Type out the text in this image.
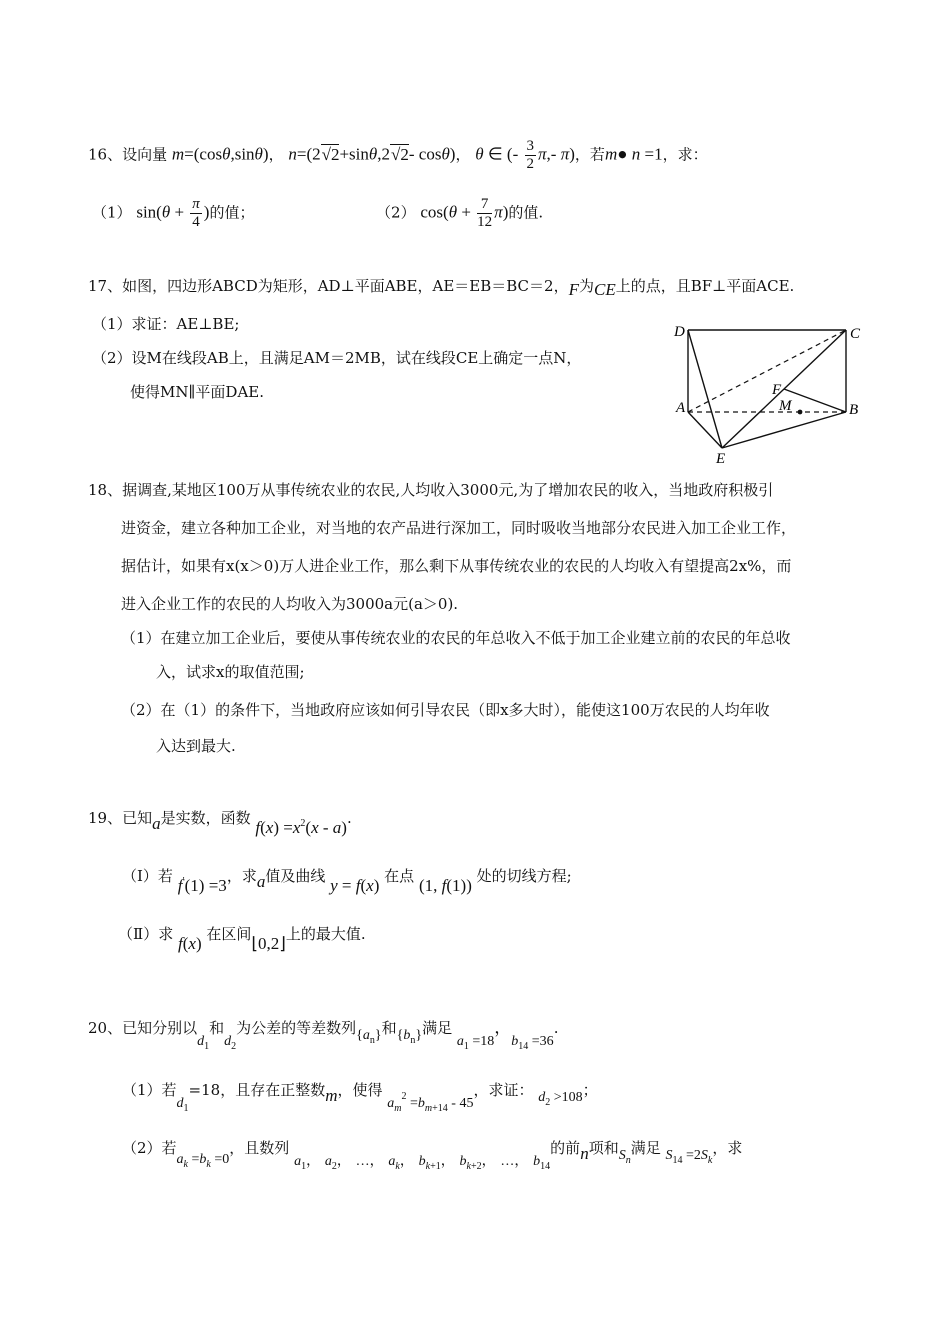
16、设向量 m=(cosθ,sinθ)， n=(2√2+sinθ,2√2- cosθ)， θ ∈ (- $\frac{3}{2} \pi,-$ π)，若m● n =1，求：
（1） $\sin(\theta + \frac{\pi}{4}$ )的值；	（2） $\cos(\theta + \frac{7}{12} \pi)$的值.
17、如图，四边形ABCD为矩形，AD⊥平面ABE，AE＝EB＝BC＝2，F为CE上的点，且BF⊥平面ACE.
（1）求证：AE⊥BE;
（2）设M在线段AB上，且满足AM＝2MB，试在线段CE上确定一点N，
使得MN∥平面DAE.
D	C
A	B
E
F
M
18、据调查,某地区100万从事传统农业的农民,人均收入3000元,为了增加农民的收入，当地政府积极引
进资金，建立各种加工企业，对当地的农产品进行深加工，同时吸收当地部分农民进入加工企业工作，
据估计，如果有x(x＞0)万人进企业工作，那么剩下从事传统农业的农民的人均收入有望提高2x%，而
进入企业工作的农民的人均收入为3000a元(a＞0).
（1）在建立加工企业后，要使从事传统农业的农民的年总收入不低于加工企业建立前的农民的年总收
入，试求x的取值范围;
（2）在（1）的条件下，当地政府应该如何引导农民（即x多大时），能使这100万农民的人均年收
入达到最大.
19、已知a是实数，函数 $f(x) =x^2(x - a)$.
（Ⅰ）若 f′(1) =3，求a值及曲线 y = f(x) 在点 (1, f(1)) 处的切线方程;
（Ⅱ）求 f(x) 在区间⌊0,2⌋上的最大值.
20、已知分别以$d_1$和$d_2$为公差的等差数列$\{a_n\}$和$\{b_n\}$满足 $a_1 =18$，$b_{14} =36$.
（1）若$d_1=18$，且存在正整数m，使得 $a_m^2 =b_{m+14} - 45$，求证： $d_2 >108$；
（2）若$a_k =b_k =0$，且数列 $a_1$， $a_2$， …， $a_k$， $b_{k+1}$， $b_{k+2}$， …， $b_{14}$的前n项和$S_n$满足 $S_{14} =2S_k$，求
